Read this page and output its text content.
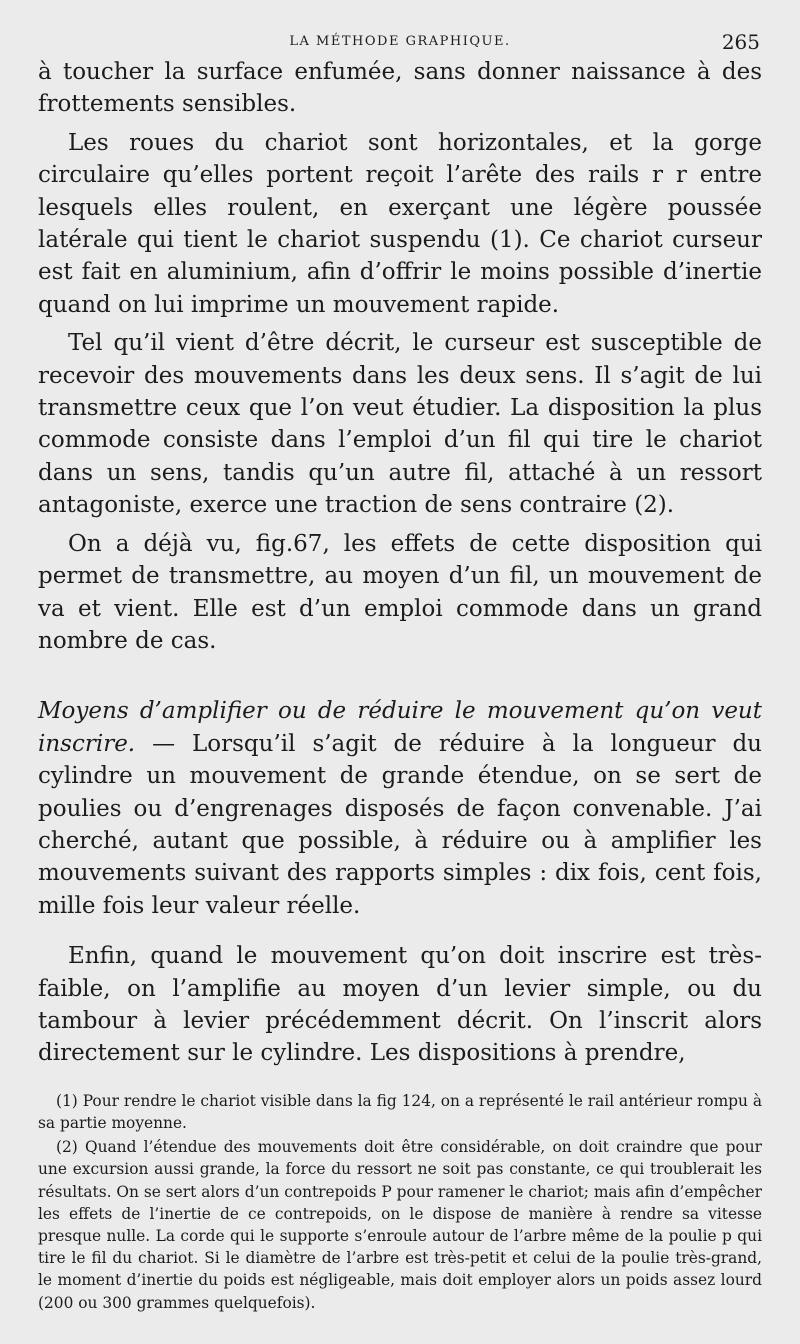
LA MÉTHODE GRAPHIQUE.	265

à toucher la surface enfumée, sans donner naissance à des frottements sensibles.

Les roues du chariot sont horizontales, et la gorge circulaire qu’elles portent reçoit l’arête des rails r r entre lesquels elles roulent, en exerçant une légère poussée latérale qui tient le chariot suspendu (1). Ce chariot curseur est fait en aluminium, afin d’offrir le moins possible d’inertie quand on lui imprime un mouvement rapide.

Tel qu’il vient d’être décrit, le curseur est susceptible de recevoir des mouvements dans les deux sens. Il s’agit de lui transmettre ceux que l’on veut étudier. La disposition la plus commode consiste dans l’emploi d’un fil qui tire le chariot dans un sens, tandis qu’un autre fil, attaché à un ressort antagoniste, exerce une traction de sens contraire (2).

On a déjà vu, fig.67, les effets de cette disposition qui permet de transmettre, au moyen d’un fil, un mouvement de va et vient. Elle est d’un emploi commode dans un grand nombre de cas.

Moyens d’amplifier ou de réduire le mouvement qu’on veut inscrire. — Lorsqu’il s’agit de réduire à la longueur du cylindre un mouvement de grande étendue, on se sert de poulies ou d’engrenages disposés de façon convenable. J’ai cherché, autant que possible, à réduire ou à amplifier les mouvements suivant des rapports simples : dix fois, cent fois, mille fois leur valeur réelle.

Enfin, quand le mouvement qu’on doit inscrire est très-faible, on l’amplifie au moyen d’un levier simple, ou du tambour à levier précédemment décrit. On l’inscrit alors directement sur le cylindre. Les dispositions à prendre,

(1) Pour rendre le chariot visible dans la fig 124, on a représenté le rail antérieur rompu à sa partie moyenne.

(2) Quand l’étendue des mouvements doit être considérable, on doit craindre que pour une excursion aussi grande, la force du ressort ne soit pas constante, ce qui troublerait les résultats. On se sert alors d’un contrepoids P pour ramener le chariot; mais afin d’empêcher les effets de l’inertie de ce contrepoids, on le dispose de manière à rendre sa vitesse presque nulle. La corde qui le supporte s’enroule autour de l’arbre même de la poulie p qui tire le fil du chariot. Si le diamètre de l’arbre est très-petit et celui de la poulie très-grand, le moment d’inertie du poids est négligeable, mais doit employer alors un poids assez lourd (200 ou 300 grammes quelquefois).
